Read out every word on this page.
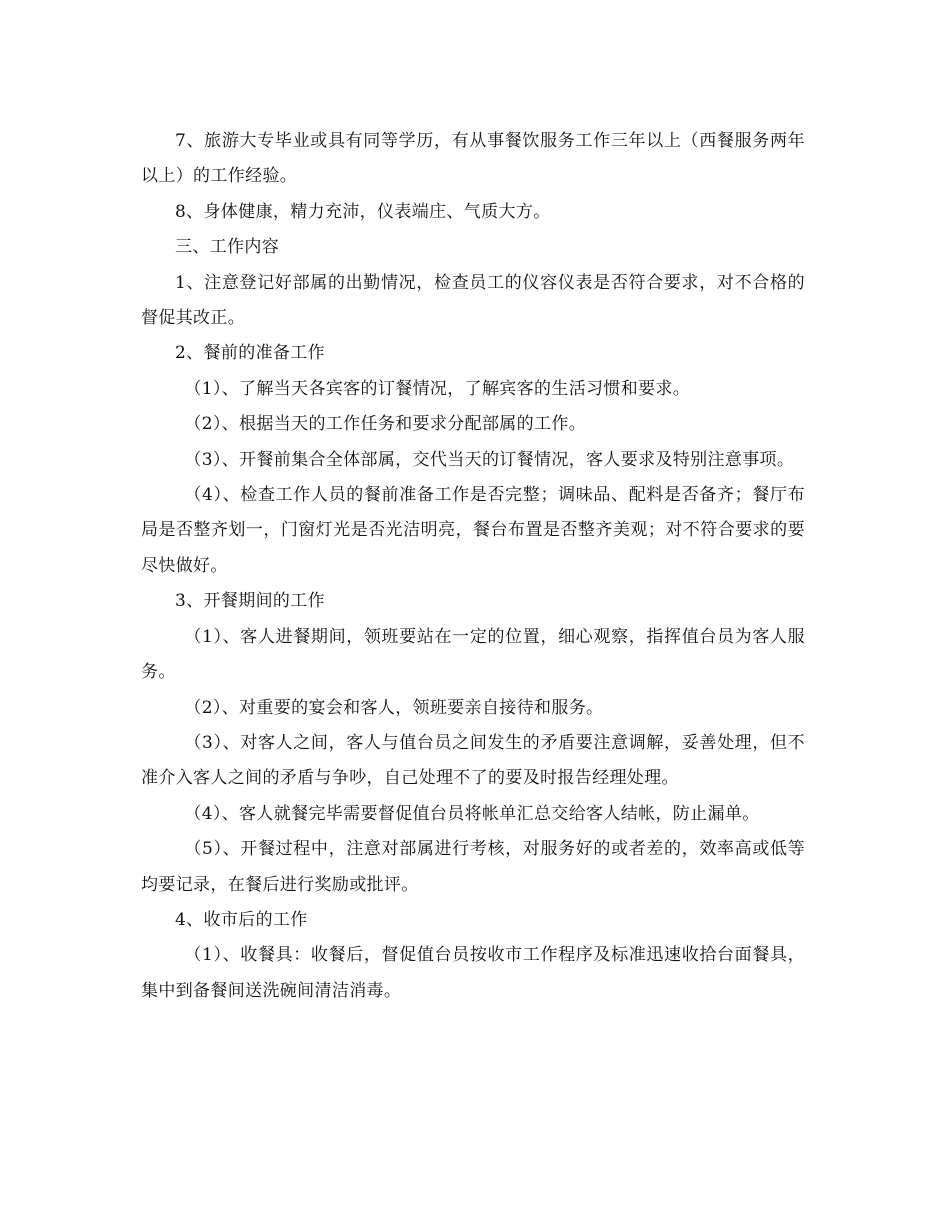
7、旅游大专毕业或具有同等学历，有从事餐饮服务工作三年以上（西餐服务两年以上）的工作经验。

8、身体健康，精力充沛，仪表端庄、气质大方。

三、工作内容

1、注意登记好部属的出勤情况，检查员工的仪容仪表是否符合要求，对不合格的督促其改正。

2、餐前的准备工作

（1）、了解当天各宾客的订餐情况，了解宾客的生活习惯和要求。

（2）、根据当天的工作任务和要求分配部属的工作。

（3）、开餐前集合全体部属，交代当天的订餐情况，客人要求及特别注意事项。

（4）、检查工作人员的餐前准备工作是否完整；调味品、配料是否备齐；餐厅布局是否整齐划一，门窗灯光是否光洁明亮，餐台布置是否整齐美观；对不符合要求的要尽快做好。

3、开餐期间的工作

（1）、客人进餐期间，领班要站在一定的位置，细心观察，指挥值台员为客人服务。

（2）、对重要的宴会和客人，领班要亲自接待和服务。

（3）、对客人之间，客人与值台员之间发生的矛盾要注意调解，妥善处理，但不准介入客人之间的矛盾与争吵，自己处理不了的要及时报告经理处理。

（4）、客人就餐完毕需要督促值台员将帐单汇总交给客人结帐，防止漏单。

（5）、开餐过程中，注意对部属进行考核，对服务好的或者差的，效率高或低等均要记录，在餐后进行奖励或批评。

4、收市后的工作

（1）、收餐具：收餐后，督促值台员按收市工作程序及标准迅速收拾台面餐具，集中到备餐间送洗碗间清洁消毒。
